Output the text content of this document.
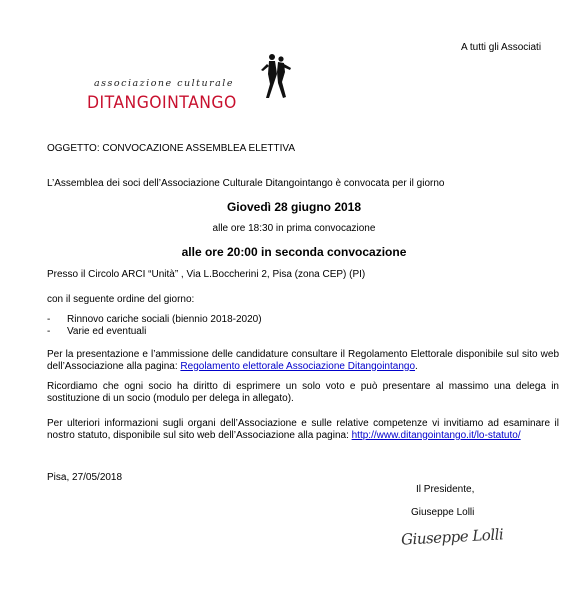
A tutti gli Associati
associazione culturale
DITANGOINTANGO
OGGETTO: CONVOCAZIONE ASSEMBLEA ELETTIVA
L’Assemblea dei soci dell’Associazione Culturale Ditangointango è convocata per il giorno
Giovedì 28 giugno 2018
alle ore 18:30 in prima convocazione
alle ore 20:00 in seconda convocazione
Presso il Circolo ARCI “Unità” , Via L.Boccherini 2, Pisa (zona CEP) (PI)
con il seguente ordine del giorno:
- Rinnovo cariche sociali (biennio 2018-2020)
- Varie ed eventuali
Per la presentazione e l’ammissione delle candidature consultare il Regolamento Elettorale disponibile sul sito web dell’Associazione alla pagina: Regolamento elettorale Associazione Ditangointango.
Ricordiamo che ogni socio ha diritto di esprimere un solo voto e può presentare al massimo una delega in sostituzione di un socio (modulo per delega in allegato).
Per ulteriori informazioni sugli organi dell’Associazione e sulle relative competenze vi invitiamo ad esaminare il nostro statuto, disponibile sul sito web dell’Associazione alla pagina: http://www.ditangointango.it/lo-statuto/
Pisa, 27/05/2018
Il Presidente,
Giuseppe Lolli
Giuseppe Lolli
